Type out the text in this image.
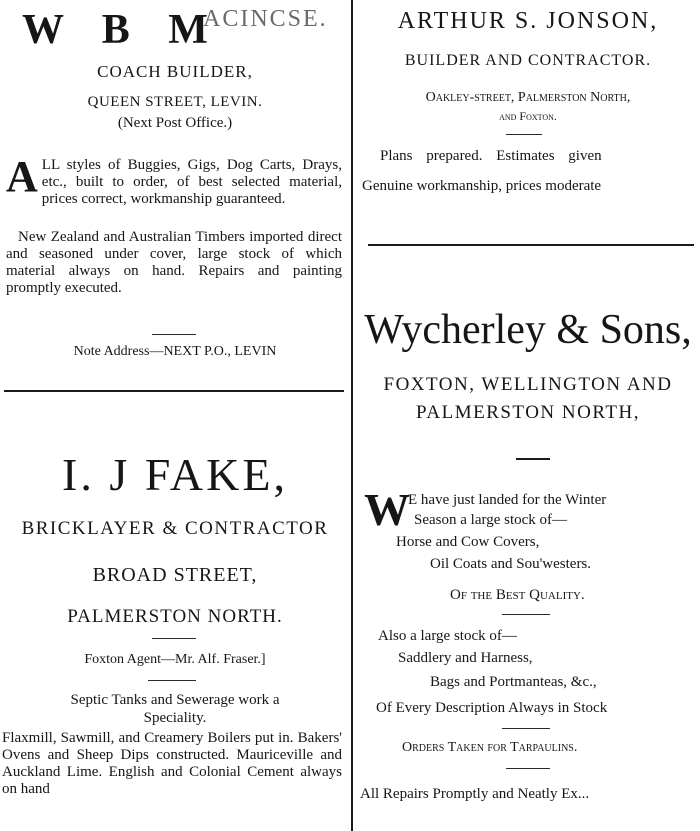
W B M
ACINCSE.
COACH BUILDER,
QUEEN STREET, LEVIN.
(Next Post Office.)
A LL styles of Buggies, Gigs, Dog Carts, Drays, etc., built to order, of best selected material, prices correct, workmanship guaranteed.
New Zealand and Australian Timbers imported direct and seasoned under cover, large stock of which material always on hand. Repairs and painting promptly executed.
Note Address—NEXT P.O., LEVIN
I. J FAKE,
BRICKLAYER & CONTRACTOR
BROAD STREET,
PALMERSTON NORTH.
Foxton Agent—Mr. Alf. Fraser.]
Septic Tanks and Sewerage work a
Speciality.
Flaxmill, Sawmill, and Creamery Boilers put in. Bakers' Ovens and Sheep Dips constructed. Mauriceville and Auckland Lime. English and Colonial Cement always on hand
ARTHUR S. JONSON,
BUILDER AND CONTRACTOR.
Oakley-street, Palmerston North,
and Foxton.
Plans prepared. Estimates given
Genuine workmanship, prices moderate
Wycherley & Sons,
FOXTON, WELLINGTON AND
PALMERSTON NORTH,
W
E have just landed for the Winter
Season a large stock of—
Horse and Cow Covers,
Oil Coats and Sou'westers.
Of the Best Quality.
Also a large stock of—
Saddlery and Harness,
Bags and Portmanteas, &c.,
Of Every Description Always in Stock
Orders Taken for Tarpaulins.
All Repairs Promptly and Neatly Ex...
